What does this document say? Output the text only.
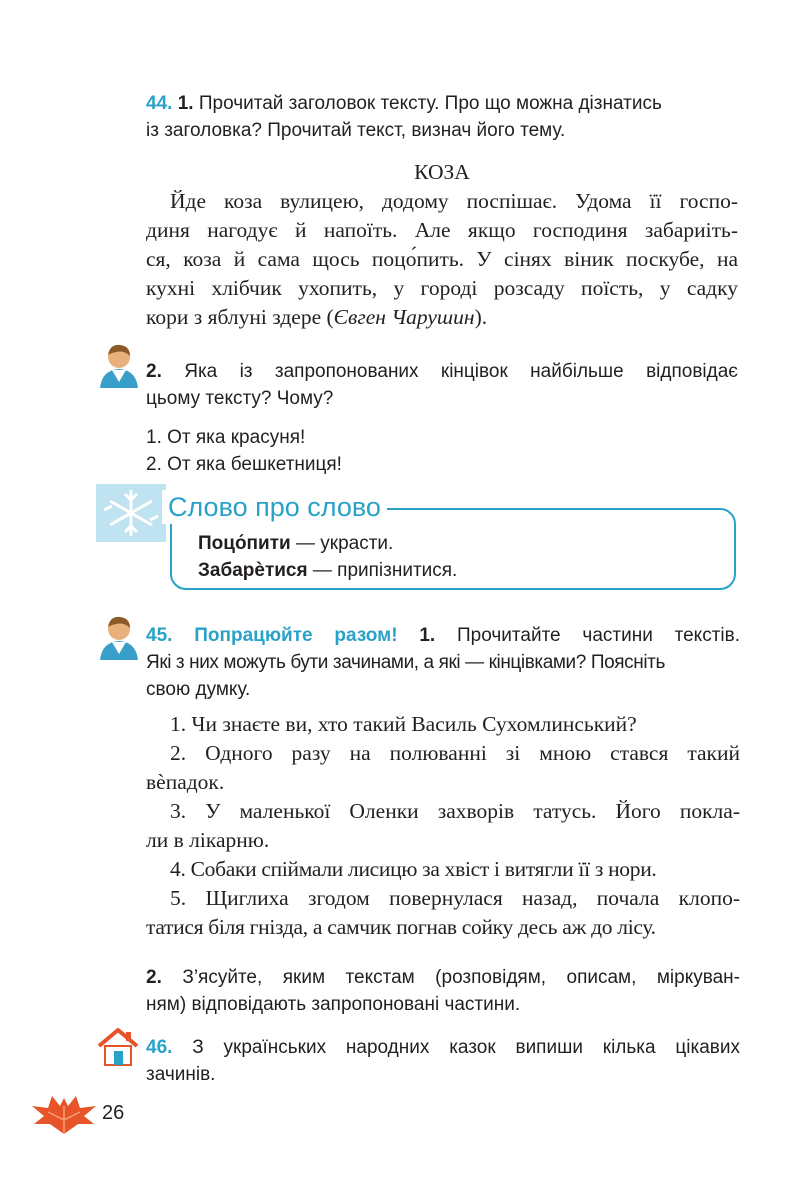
44. 1. Прочитай заголовок тексту. Про що можна дізнатись
із заголовка? Прочитай текст, визнач його тему.
КОЗА
Йде коза вулицею, додому поспішає. Удома її госпо-
диня нагодує й напоїть. Але якщо господиня забариіть-
ся, коза й сама щось поцо́пить. У сінях віник поскубе, на
кухні хлібчик ухопить, у городі розсаду поїсть, у садку
кори з яблуні здере (Євген Чарушин).
2. Яка із запропонованих кінцівок найбільше відповідає
цьому тексту? Чому?
1. От яка красуня!
2. От яка бешкетниця!
Слово про слово
Поцо́пити — украсти.
Забарѐтися — припізнитися.
45. Попрацюйте разом! 1. Прочитайте частини текстів.
Які з них можуть бути зачинами, а які — кінцівками? Поясніть
свою думку.
1. Чи знаєте ви, хто такий Василь Сухомлинський?
2. Одного разу на полюванні зі мною стався такий
вѐпадок.
3. У маленької Оленки захворів татусь. Його покла-
ли в лікарню.
4. Собаки спіймали лисицю за хвіст і витягли її з нори.
5. Щиглиха згодом повернулася назад, почала клопо-
татися біля гнізда, а самчик погнав сойку десь аж до лісу.
2. З’ясуйте, яким текстам (розповідям, описам, міркуван-
ням) відповідають запропоновані частини.
46. З українських народних казок випиши кілька цікавих
зачинів.
26
